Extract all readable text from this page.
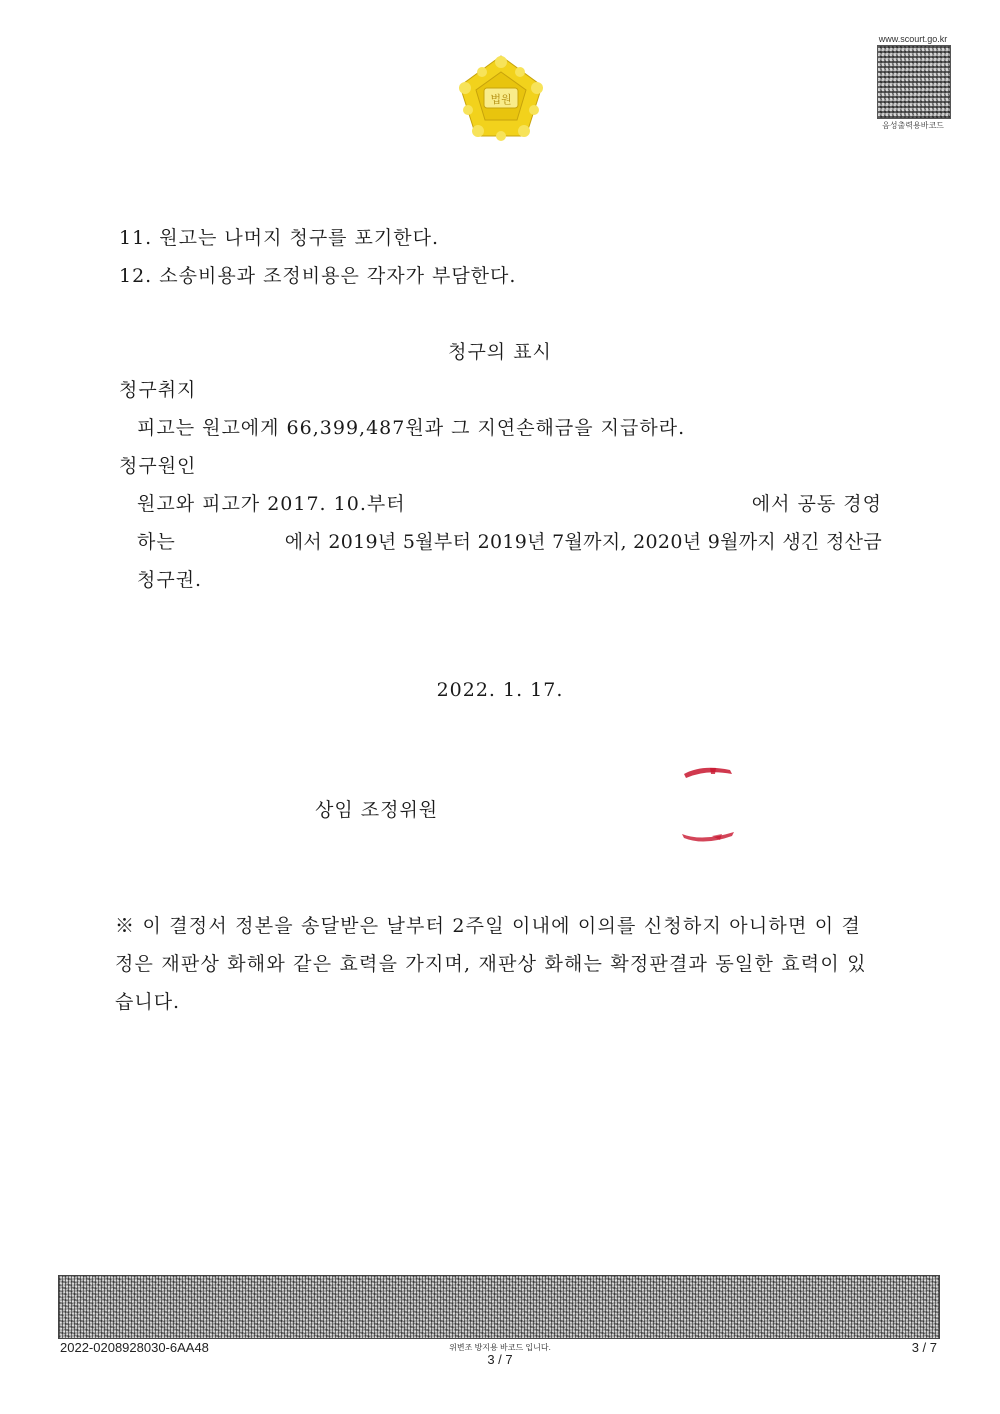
법원
www.scourt.go.kr
음성출력용바코드
11. 원고는 나머지 청구를 포기한다.
12. 소송비용과 조정비용은 각자가 부담한다.
청구의 표시
청구취지
피고는 원고에게 66,399,487원과 그 지연손해금을 지급하라.
청구원인
원고와 피고가 2017. 10.부터	에서 공동 경영
하는	에서 2019년 5월부터 2019년 7월까지, 2020년 9월까지 생긴 정산금
청구권.
2022. 1. 17.
상임 조정위원
※ 이 결정서 정본을 송달받은 날부터 2주일 이내에 이의를 신청하지 아니하면 이 결
정은 재판상 화해와 같은 효력을 가지며, 재판상 화해는 확정판결과 동일한 효력이 있
습니다.
2022-0208928030-6AA48	위변조 방지용 바코드 입니다.
3 / 7
3 / 7
